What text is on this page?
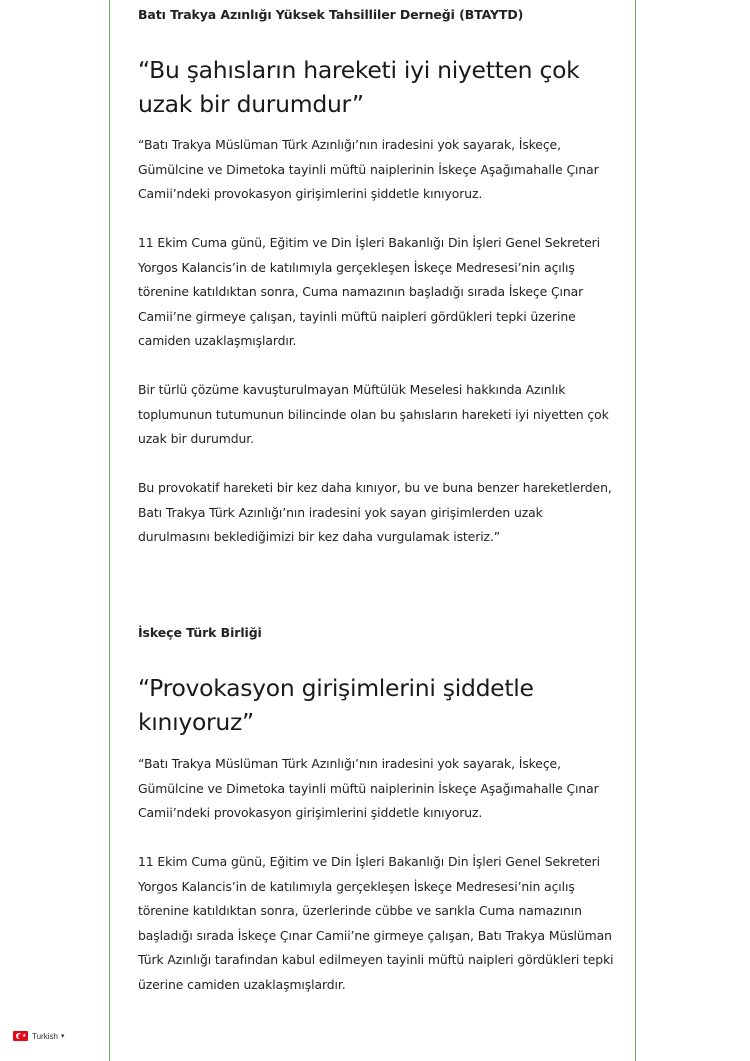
Batı Trakya Azınlığı Yüksek Tahsilliler Derneği (BTAYTD)

“Bu şahısların hareketi iyi niyetten çok uzak bir durumdur”

“Batı Trakya Müslüman Türk Azınlığı’nın iradesini yok sayarak, İskeçe, Gümülcine ve Dimetoka tayinli müftü naiplerinin İskeçe Aşağımahalle Çınar Camii’ndeki provokasyon girişimlerini şiddetle kınıyoruz.

11 Ekim Cuma günü, Eğitim ve Din İşleri Bakanlığı Din İşleri Genel Sekreteri Yorgos Kalancis’in de katılımıyla gerçekleşen İskeçe Medresesi’nin açılış törenine katıldıktan sonra, Cuma namazının başladığı sırada İskeçe Çınar Camii’ne girmeye çalışan, tayinli müftü naipleri gördükleri tepki üzerine camiden uzaklaşmışlardır.

Bir türlü çözüme kavuşturulmayan Müftülük Meselesi hakkında Azınlık toplumunun tutumunun bilincinde olan bu şahısların hareketi iyi niyetten çok uzak bir durumdur.

Bu provokatif hareketi bir kez daha kınıyor, bu ve buna benzer hareketlerden, Batı Trakya Türk Azınlığı’nın iradesini yok sayan girişimlerden uzak durulmasını beklediğimizi bir kez daha vurgulamak isteriz.”

İskeçe Türk Birliği

“Provokasyon girişimlerini şiddetle kınıyoruz”

“Batı Trakya Müslüman Türk Azınlığı’nın iradesini yok sayarak, İskeçe, Gümülcine ve Dimetoka tayinli müftü naiplerinin İskeçe Aşağımahalle Çınar Camii’ndeki provokasyon girişimlerini şiddetle kınıyoruz.

11 Ekim Cuma günü, Eğitim ve Din İşleri Bakanlığı Din İşleri Genel Sekreteri Yorgos Kalancis’in de katılımıyla gerçekleşen İskeçe Medresesi’nin açılış törenine katıldıktan sonra, üzerlerinde cübbe ve sarıkla Cuma namazının başladığı sırada İskeçe Çınar Camii’ne girmeye çalışan, Batı Trakya Müslüman Türk Azınlığı tarafından kabul edilmeyen tayinli müftü naipleri gördükleri tepki üzerine camiden uzaklaşmışlardır.

★ Turkish ▾
